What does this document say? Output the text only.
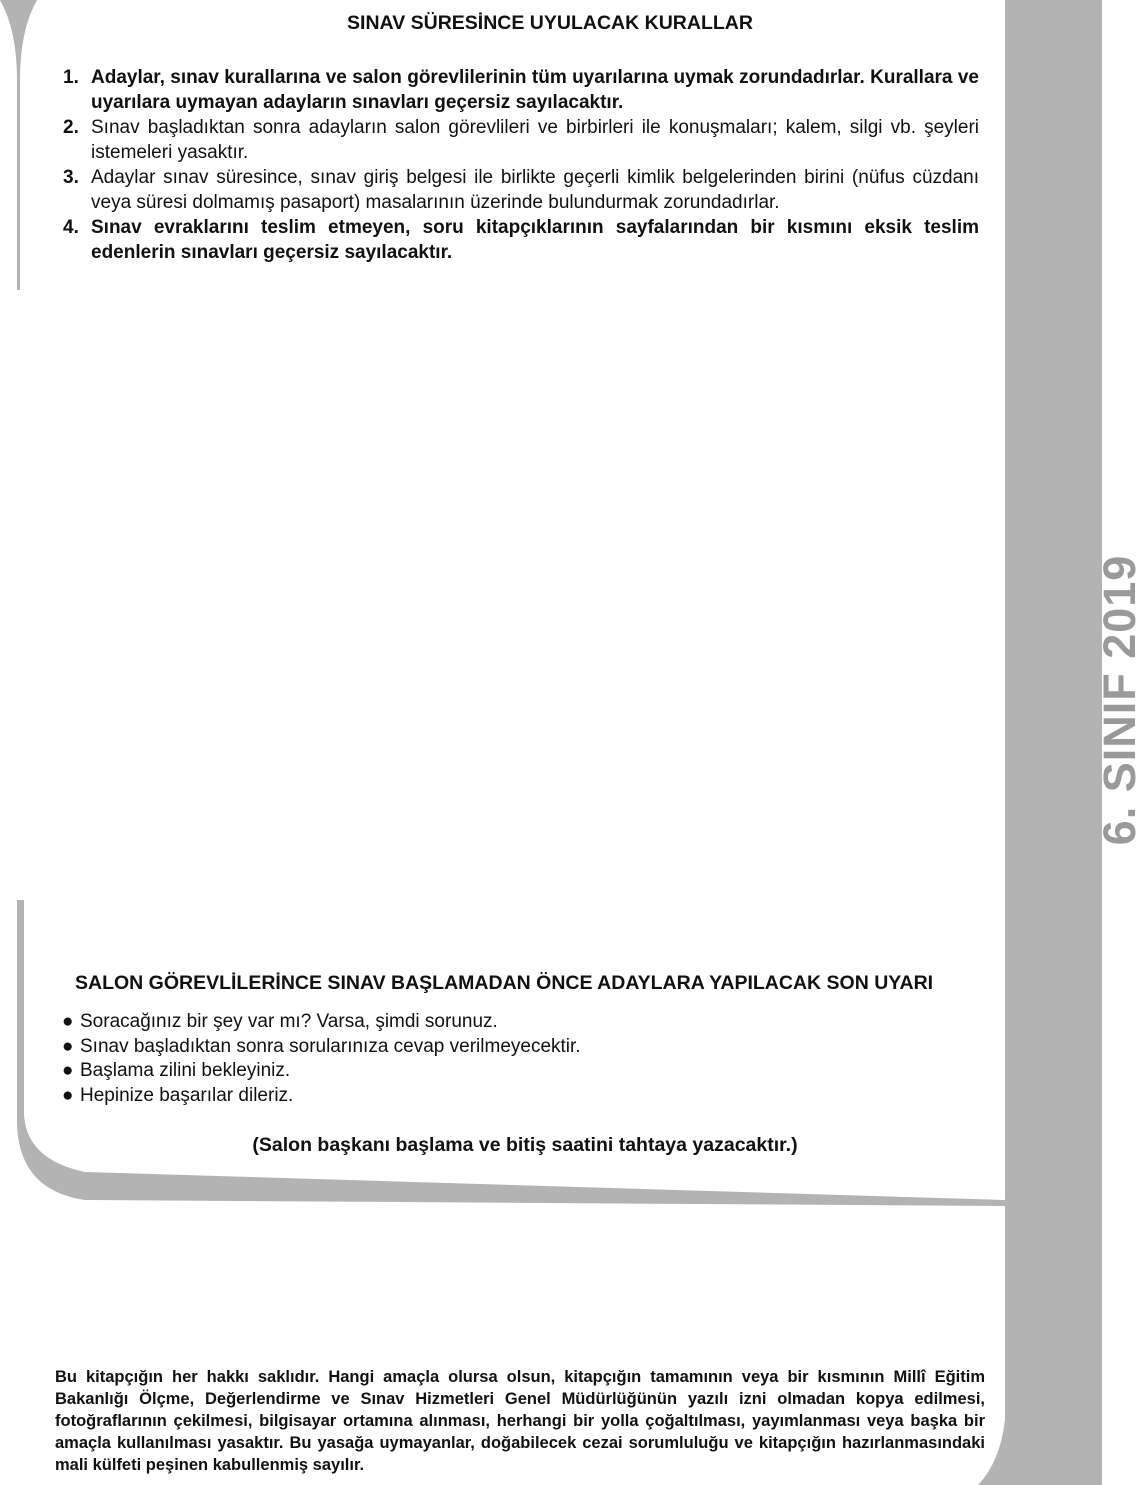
6. SINIF 2019
SINAV SÜRESİNCE UYULACAK KURALLAR
1. Adaylar, sınav kurallarına ve salon görevlilerinin tüm uyarılarına uymak zorundadırlar. Kurallara ve uyarılara uymayan adayların sınavları geçersiz sayılacaktır.
2. Sınav başladıktan sonra adayların salon görevlileri ve birbirleri ile konuşmaları; kalem, silgi vb. şeyleri istemeleri yasaktır.
3. Adaylar sınav süresince, sınav giriş belgesi ile birlikte geçerli kimlik belgelerinden birini (nüfus cüzdanı veya süresi dolmamış pasaport) masalarının üzerinde bulundurmak zorundadırlar.
4. Sınav evraklarını teslim etmeyen, soru kitapçıklarının sayfalarından bir kısmını eksik teslim edenlerin sınavları geçersiz sayılacaktır.
SALON GÖREVLİLERİNCE SINAV BAŞLAMADAN ÖNCE ADAYLARA YAPILACAK SON UYARI
● Soracağınız bir şey var mı? Varsa, şimdi sorunuz.
● Sınav başladıktan sonra sorularınıza cevap verilmeyecektir.
● Başlama zilini bekleyiniz.
● Hepinize başarılar dileriz.
(Salon başkanı başlama ve bitiş saatini tahtaya yazacaktır.)
Bu kitapçığın her hakkı saklıdır. Hangi amaçla olursa olsun, kitapçığın tamamının veya bir kısmının Millî Eğitim Bakanlığı Ölçme, Değerlendirme ve Sınav Hizmetleri Genel Müdürlüğünün yazılı izni olmadan kopya edilmesi, fotoğraflarının çekilmesi, bilgisayar ortamına alınması, herhangi bir yolla çoğaltılması, yayımlanması veya başka bir amaçla kullanılması yasaktır. Bu yasağa uymayanlar, doğabilecek cezai sorumluluğu ve kitapçığın hazırlanmasındaki mali külfeti peşinen kabullenmiş sayılır.
